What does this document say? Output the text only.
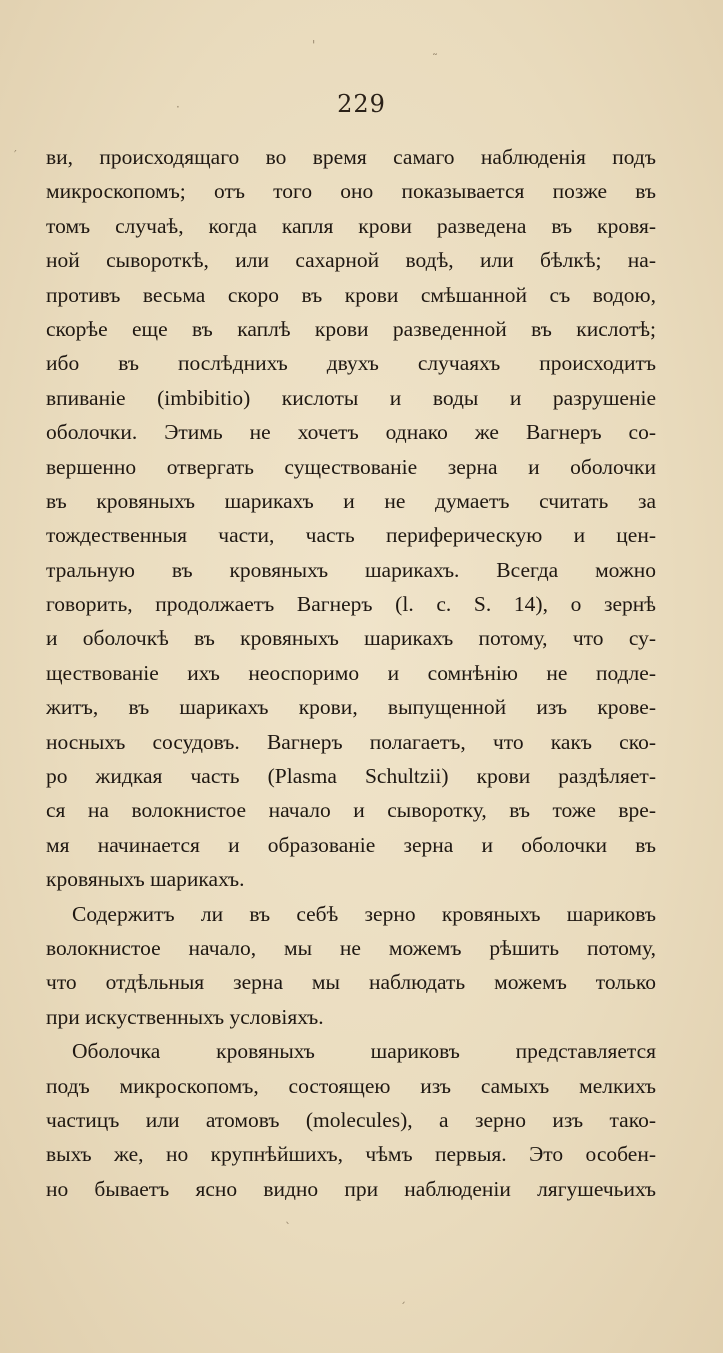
229
ви, происходящаго во время самаго наблюденія подъ
микроскопомъ; отъ того оно показывается позже въ
томъ случаѣ, когда капля крови разведена въ кровя-
ной сывороткѣ, или сахарной водѣ, или бѣлкѣ; на-
противъ весьма скоро въ крови смѣшанной съ водою,
скорѣе еще въ каплѣ крови разведенной въ кислотѣ;
ибо въ послѣднихъ двухъ случаяхъ происходитъ
впиваніе (imbibitio) кислоты и воды и разрушеніе
оболочки. Этимь не хочетъ однако же Вагнеръ со-
вершенно отвергать существованіе зерна и оболочки
въ кровяныхъ шарикахъ и не думаетъ считать за
тождественныя части, часть периферическую и цен-
тральную въ кровяныхъ шарикахъ. Всегда можно
говорить, продолжаетъ Вагнеръ (l. c. S. 14), о зернѣ
и оболочкѣ въ кровяныхъ шарикахъ потому, что су-
ществованіе ихъ неоспоримо и сомнѣнію не подле-
житъ, въ шарикахъ крови, выпущенной изъ крове-
носныхъ сосудовъ. Вагнеръ полагаетъ, что какъ ско-
ро жидкая часть (Plasma Schultzii) крови раздѣляет-
ся на волокнистое начало и сыворотку, въ тоже вре-
мя начинается и образованіе зерна и оболочки въ
кровяныхъ шарикахъ.
Содержитъ ли въ себѣ зерно кровяныхъ шариковъ
волокнистое начало, мы не можемъ рѣшить потому,
что отдѣльныя зерна мы наблюдать можемъ только
при искуственныхъ условіяхъ.
Оболочка кровяныхъ шариковъ представляется
подъ микроскопомъ, состоящею изъ самыхъ мелкихъ
частицъ или атомовъ (molecules), а зерно изъ тако-
выхъ же, но крупнѣйшихъ, чѣмъ первыя. Это особен-
но бываетъ ясно видно при наблюденіи лягушечьихъ
'
˜
·
′
ˎ
ˏ
